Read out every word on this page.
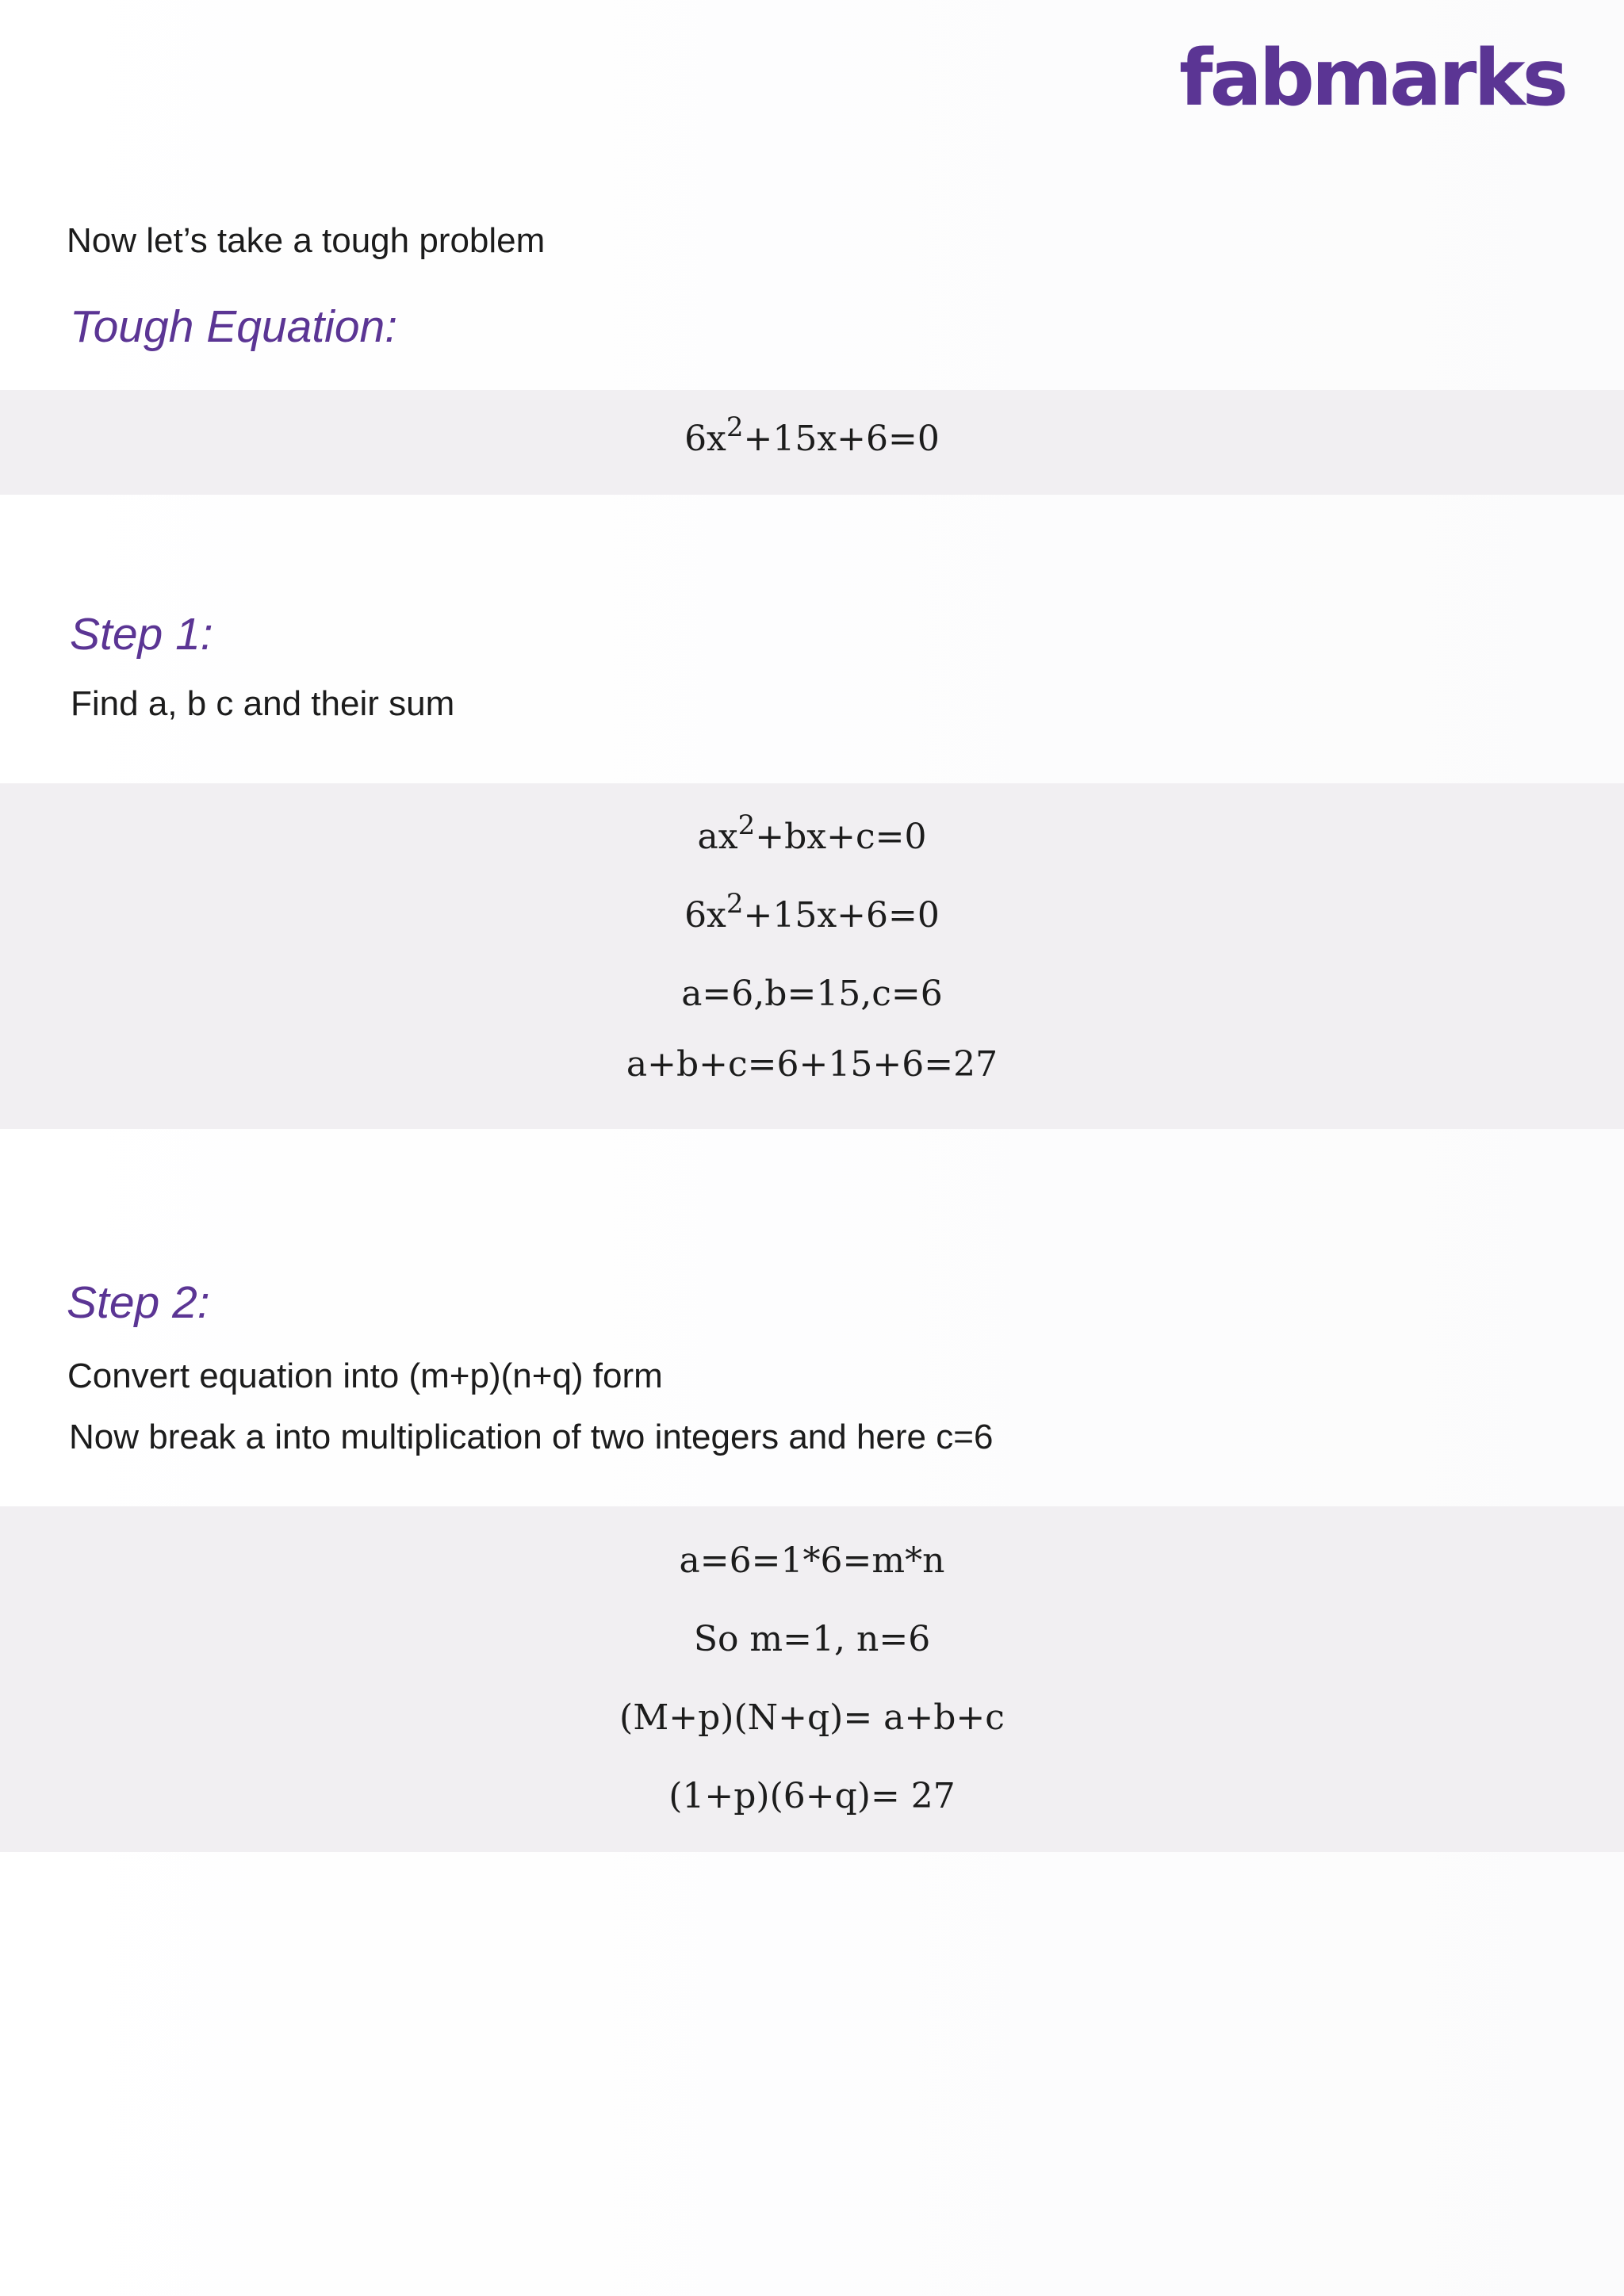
fabmarks
Now let’s take a tough problem
Tough Equation:
$6x^2+15x+6=0$
Step 1:
Find a, b c and their sum
$ax^2+bx+c=0$
$6x^2+15x+6=0$
a=6,b=15,c=6
a+b+c=6+15+6=27
Step 2:
Convert equation into (m+p)(n+q) form
Now break a into multiplication of two integers and here c=6
a=6=1*6=m*n
So m=1, n=6
(M+p)(N+q)= a+b+c
(1+p)(6+q)= 27
